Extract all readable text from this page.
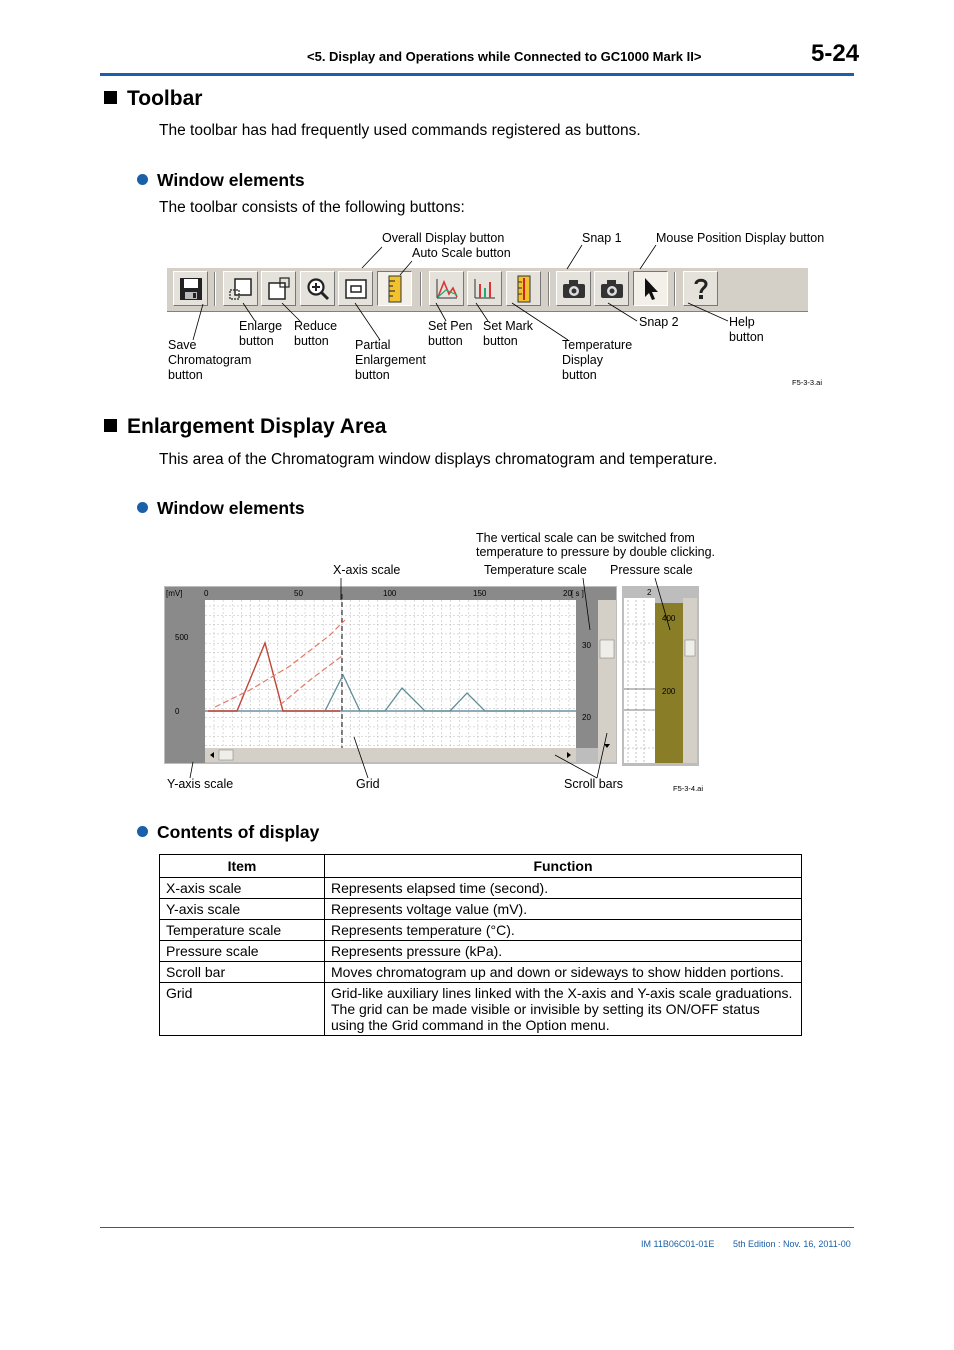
<5. Display and Operations while Connected to GC1000 Mark II>	5-24
Toolbar
The toolbar has had frequently used commands registered as buttons.
Window elements
The toolbar consists of the following buttons:
Overall Display button
Auto Scale button
Snap 1	Mouse Position Display button
Save
Chromatogram
button
Enlarge
button
Reduce
button	Partial
Enlargement
button
Set Pen
button
Set Mark
button	Temperature
Display
button
Snap 2	Help
button
F5-3-3.ai
Enlargement Display Area
This area of the Chromatogram window displays chromatogram and temperature.
Window elements
The vertical scale can be switched from
temperature to pressure by double clicking.
X-axis scale	Temperature scale Pressure scale
[mV]	[ s ]
0	50	100	150	20
500
0
30
20
2
400
200
Y-axis scale	Grid	Scroll bars	F5-3-4.ai
Contents of display
Item	Function
X-axis scale	Represents elapsed time (second).
Y-axis scale	Represents voltage value (mV).
Temperature scale	Represents temperature (°C).
Pressure scale	Represents pressure (kPa).
Scroll bar	Moves chromatogram up and down or sideways to show hidden portions.
Grid	Grid-like auxiliary lines linked with the X-axis and Y-axis scale graduations. The grid can be made visible or invisible by setting its ON/OFF status using the Grid command in the Option menu.
IM 11B06C01-01E 5th Edition : Nov. 16, 2011-00
